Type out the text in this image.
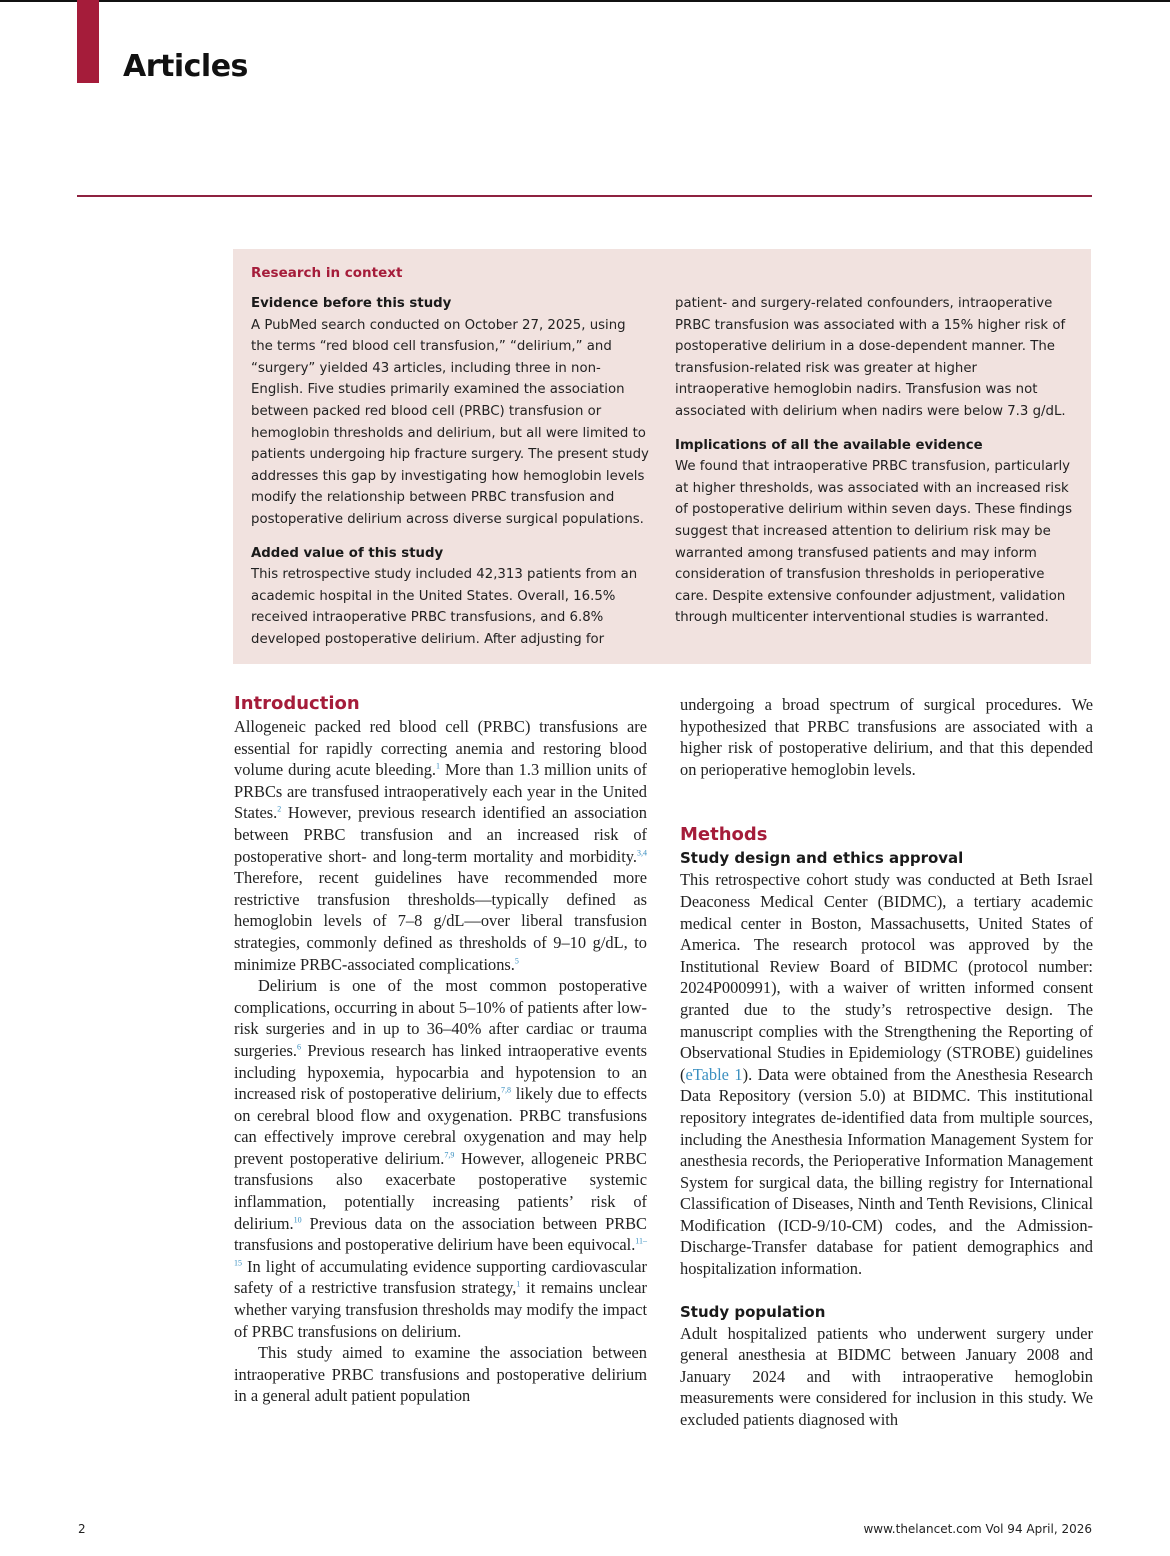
Articles

Research in context

Evidence before this study

A PubMed search conducted on October 27, 2025, using the terms “red blood cell transfusion,” “delirium,” and “surgery” yielded 43 articles, including three in non-English. Five studies primarily examined the association between packed red blood cell (PRBC) transfusion or hemoglobin thresholds and delirium, but all were limited to patients undergoing hip fracture surgery. The present study addresses this gap by investigating how hemoglobin levels modify the relationship between PRBC transfusion and postoperative delirium across diverse surgical populations.

Added value of this study

This retrospective study included 42,313 patients from an academic hospital in the United States. Overall, 16.5% received intraoperative PRBC transfusions, and 6.8% developed postoperative delirium. After adjusting for

patient- and surgery-related confounders, intraoperative PRBC transfusion was associated with a 15% higher risk of postoperative delirium in a dose-dependent manner. The transfusion-related risk was greater at higher intraoperative hemoglobin nadirs. Transfusion was not associated with delirium when nadirs were below 7.3 g/dL.

Implications of all the available evidence

We found that intraoperative PRBC transfusion, particularly at higher thresholds, was associated with an increased risk of postoperative delirium within seven days. These findings suggest that increased attention to delirium risk may be warranted among transfused patients and may inform consideration of transfusion thresholds in perioperative care. Despite extensive confounder adjustment, validation through multicenter interventional studies is warranted.

Introduction

Allogeneic packed red blood cell (PRBC) transfusions are essential for rapidly correcting anemia and restoring blood volume during acute bleeding.$^1$ More than 1.3 million units of PRBCs are transfused intraoperatively each year in the United States.$^2$ However, previous research identified an association between PRBC transfusion and an increased risk of postoperative short- and long-term mortality and morbidity.$^{3,4}$ Therefore, recent guidelines have recommended more restrictive transfusion thresholds—typically defined as hemoglobin levels of 7–8 g/dL—over liberal transfusion strategies, commonly defined as thresholds of 9–10 g/dL, to minimize PRBC-associated complications.$^5$

Delirium is one of the most common postoperative complications, occurring in about 5–10% of patients after low-risk surgeries and in up to 36–40% after cardiac or trauma surgeries.$^6$ Previous research has linked intraoperative events including hypoxemia, hypocarbia and hypotension to an increased risk of postoperative delirium,$^{7,8}$ likely due to effects on cerebral blood flow and oxygenation. PRBC transfusions can effectively improve cerebral oxygenation and may help prevent postoperative delirium.$^{7,9}$ However, allogeneic PRBC transfusions also exacerbate postoperative systemic inflammation, potentially increasing patients’ risk of delirium.$^{10}$ Previous data on the association between PRBC transfusions and postoperative delirium have been equivocal.$^{11-15}$ In light of accumulating evidence supporting cardiovascular safety of a restrictive transfusion strategy,$^1$ it remains unclear whether varying transfusion thresholds may modify the impact of PRBC transfusions on delirium.

This study aimed to examine the association between intraoperative PRBC transfusions and postoperative delirium in a general adult patient population

undergoing a broad spectrum of surgical procedures. We hypothesized that PRBC transfusions are associated with a higher risk of postoperative delirium, and that this depended on perioperative hemoglobin levels.

Methods
Study design and ethics approval

This retrospective cohort study was conducted at Beth Israel Deaconess Medical Center (BIDMC), a tertiary academic medical center in Boston, Massachusetts, United States of America. The research protocol was approved by the Institutional Review Board of BIDMC (protocol number: 2024P000991), with a waiver of written informed consent granted due to the study’s retrospective design. The manuscript complies with the Strengthening the Reporting of Observational Studies in Epidemiology (STROBE) guidelines (eTable 1). Data were obtained from the Anesthesia Research Data Repository (version 5.0) at BIDMC. This institutional repository integrates de-identified data from multiple sources, including the Anesthesia Information Management System for anesthesia records, the Perioperative Information Management System for surgical data, the billing registry for International Classification of Diseases, Ninth and Tenth Revisions, Clinical Modification (ICD-9/10-CM) codes, and the Admission-Discharge-Transfer database for patient demographics and hospitalization information.

Study population

Adult hospitalized patients who underwent surgery under general anesthesia at BIDMC between January 2008 and January 2024 and with intraoperative hemoglobin measurements were considered for inclusion in this study. We excluded patients diagnosed with

2	www.thelancet.com Vol 94 April, 2026
